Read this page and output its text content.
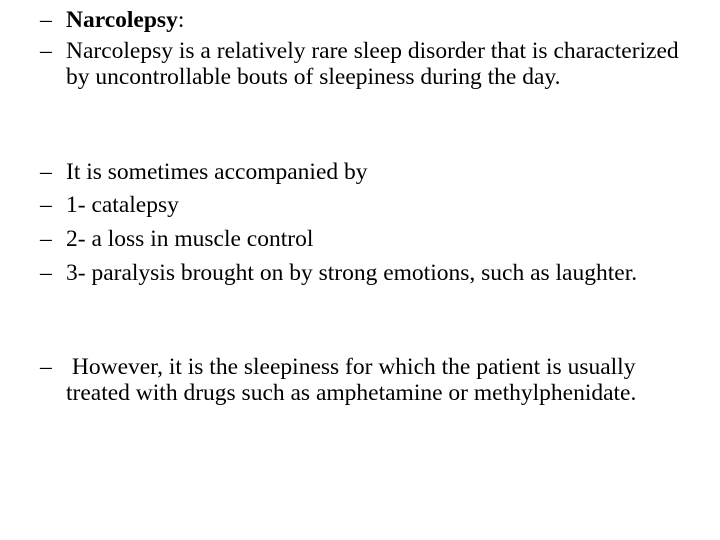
– Narcolepsy:
– Narcolepsy is a relatively rare sleep disorder that is characterized by uncontrollable bouts of sleepiness during the day.
– It is sometimes accompanied by
– 1- catalepsy
– 2- a loss in muscle control
– 3- paralysis brought on by strong emotions, such as laughter.
– However, it is the sleepiness for which the patient is usually treated with drugs such as amphetamine or methylphenidate.
